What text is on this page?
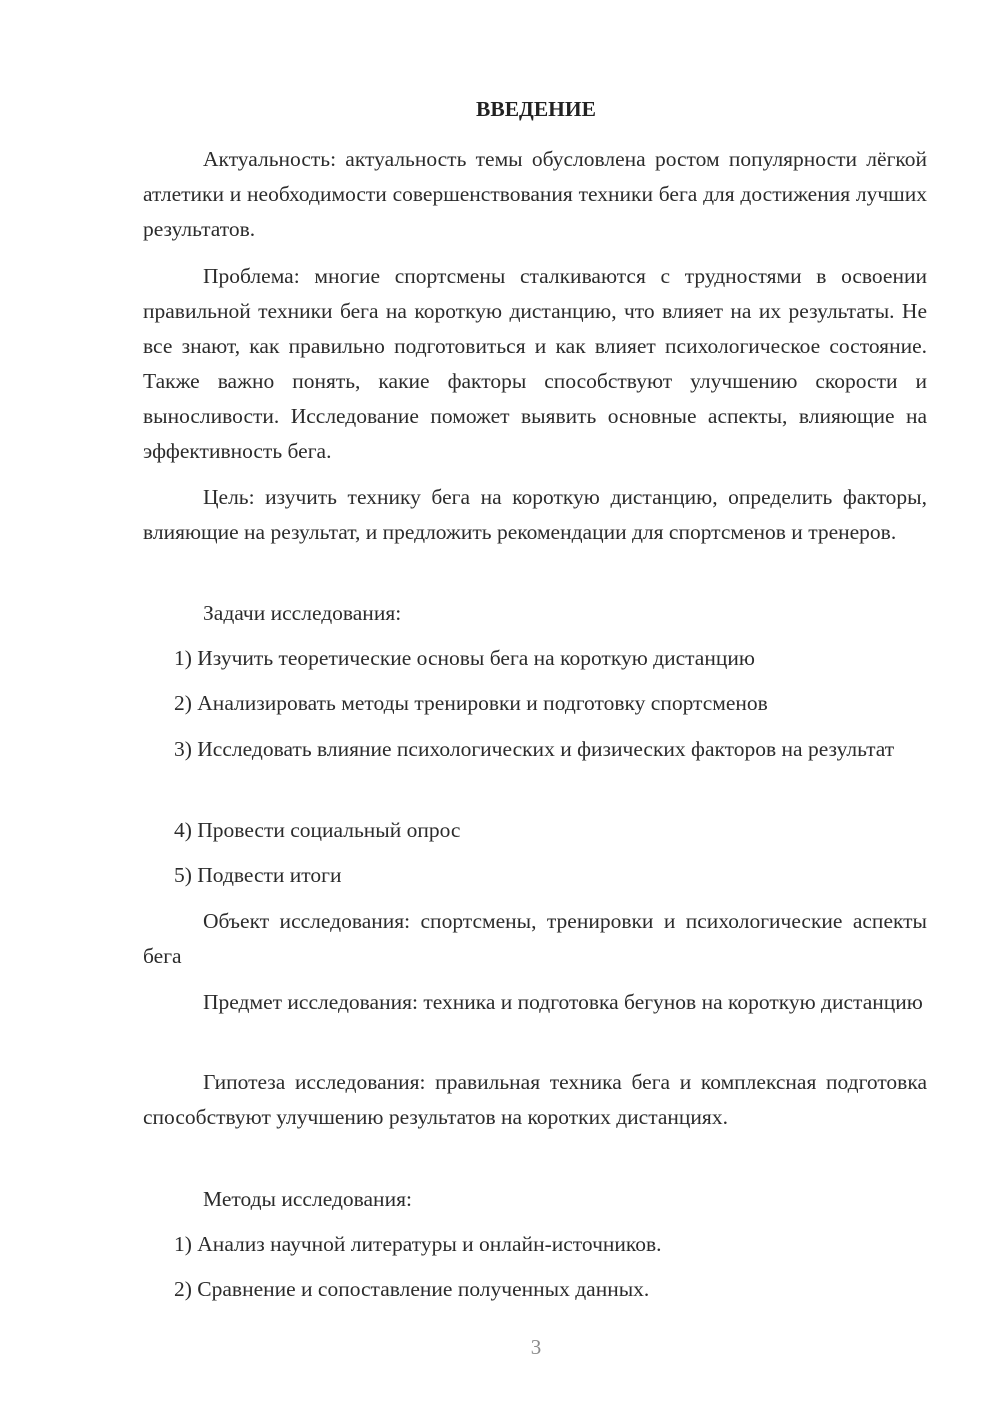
ВВЕДЕНИЕ

Актуальность: актуальность темы обусловлена ростом популярности лёгкой атлетики и необходимости совершенствования техники бега для достижения лучших результатов.

Проблема: многие спортсмены сталкиваются с трудностями в освоении правильной техники бега на короткую дистанцию, что влияет на их результаты. Не все знают, как правильно подготовиться и как влияет психологическое состояние. Также важно понять, какие факторы способствуют улучшению скорости и выносливости. Исследование поможет выявить основные аспекты, влияющие на эффективность бега.

Цель: изучить технику бега на короткую дистанцию, определить факторы, влияющие на результат, и предложить рекомендации для спортсменов и тренеров.

Задачи исследования:

1) Изучить теоретические основы бега на короткую дистанцию

2) Анализировать методы тренировки и подготовку спортсменов

3) Исследовать влияние психологических и физических факторов на результат

4) Провести социальный опрос

5) Подвести итоги

Объект исследования: спортсмены, тренировки и психологические аспекты бега

Предмет исследования: техника и подготовка бегунов на короткую дистанцию

Гипотеза исследования: правильная техника бега и комплексная подготовка способствуют улучшению результатов на коротких дистанциях.

Методы исследования:

1) Анализ научной литературы и онлайн-источников.

2) Сравнение и сопоставление полученных данных.

3
